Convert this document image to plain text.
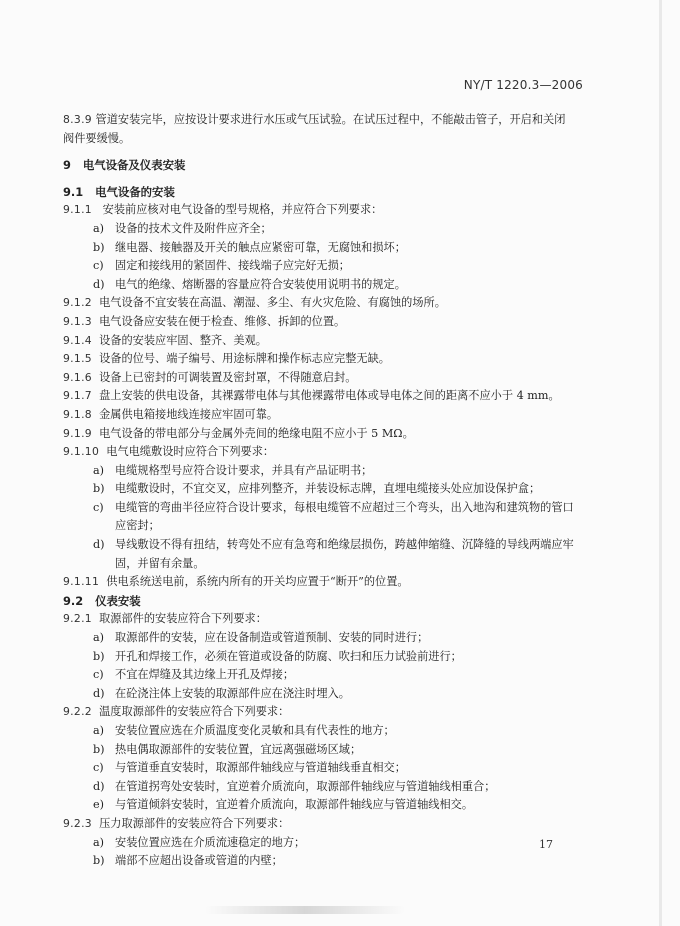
NY/T 1220.3—2006
8.3.9 管道安装完毕，应按设计要求进行水压或气压试验。在试压过程中，不能敲击管子，开启和关闭
阀件要缓慢。
9 电气设备及仪表安装
9.1 电气设备的安装
9.1.1 安装前应核对电气设备的型号规格，并应符合下列要求：
a) 设备的技术文件及附件应齐全；
b) 继电器、接触器及开关的触点应紧密可靠，无腐蚀和损坏；
c) 固定和接线用的紧固件、接线端子应完好无损；
d) 电气的绝缘、熔断器的容量应符合安装使用说明书的规定。
9.1.2 电气设备不宜安装在高温、潮湿、多尘、有火灾危险、有腐蚀的场所。
9.1.3 电气设备应安装在便于检查、维修、拆卸的位置。
9.1.4 设备的安装应牢固、整齐、美观。
9.1.5 设备的位号、端子编号、用途标牌和操作标志应完整无缺。
9.1.6 设备上已密封的可调装置及密封罩，不得随意启封。
9.1.7 盘上安装的供电设备，其裸露带电体与其他裸露带电体或导电体之间的距离不应小于 4 mm。
9.1.8 金属供电箱接地线连接应牢固可靠。
9.1.9 电气设备的带电部分与金属外壳间的绝缘电阻不应小于 5 MΩ。
9.1.10 电气电缆敷设时应符合下列要求：
a) 电缆规格型号应符合设计要求，并具有产品证明书；
b) 电缆敷设时，不宜交叉，应排列整齐，并装设标志牌，直埋电缆接头处应加设保护盒；
c) 电缆管的弯曲半径应符合设计要求，每根电缆管不应超过三个弯头，出入地沟和建筑物的管口
应密封；
d) 导线敷设不得有扭结，转弯处不应有急弯和绝缘层损伤，跨越伸缩缝、沉降缝的导线两端应牢
固，并留有余量。
9.1.11 供电系统送电前，系统内所有的开关均应置于“断开”的位置。
9.2 仪表安装
9.2.1 取源部件的安装应符合下列要求：
a) 取源部件的安装，应在设备制造或管道预制、安装的同时进行；
b) 开孔和焊接工作，必须在管道或设备的防腐、吹扫和压力试验前进行；
c) 不宜在焊缝及其边缘上开孔及焊接；
d) 在砼浇注体上安装的取源部件应在浇注时埋入。
9.2.2 温度取源部件的安装应符合下列要求：
a) 安装位置应选在介质温度变化灵敏和具有代表性的地方；
b) 热电偶取源部件的安装位置，宜远离强磁场区域；
c) 与管道垂直安装时，取源部件轴线应与管道轴线垂直相交；
d) 在管道拐弯处安装时，宜逆着介质流向，取源部件轴线应与管道轴线相重合；
e) 与管道倾斜安装时，宜逆着介质流向，取源部件轴线应与管道轴线相交。
9.2.3 压力取源部件的安装应符合下列要求：
a) 安装位置应选在介质流速稳定的地方；
b) 端部不应超出设备或管道的内壁；
17
